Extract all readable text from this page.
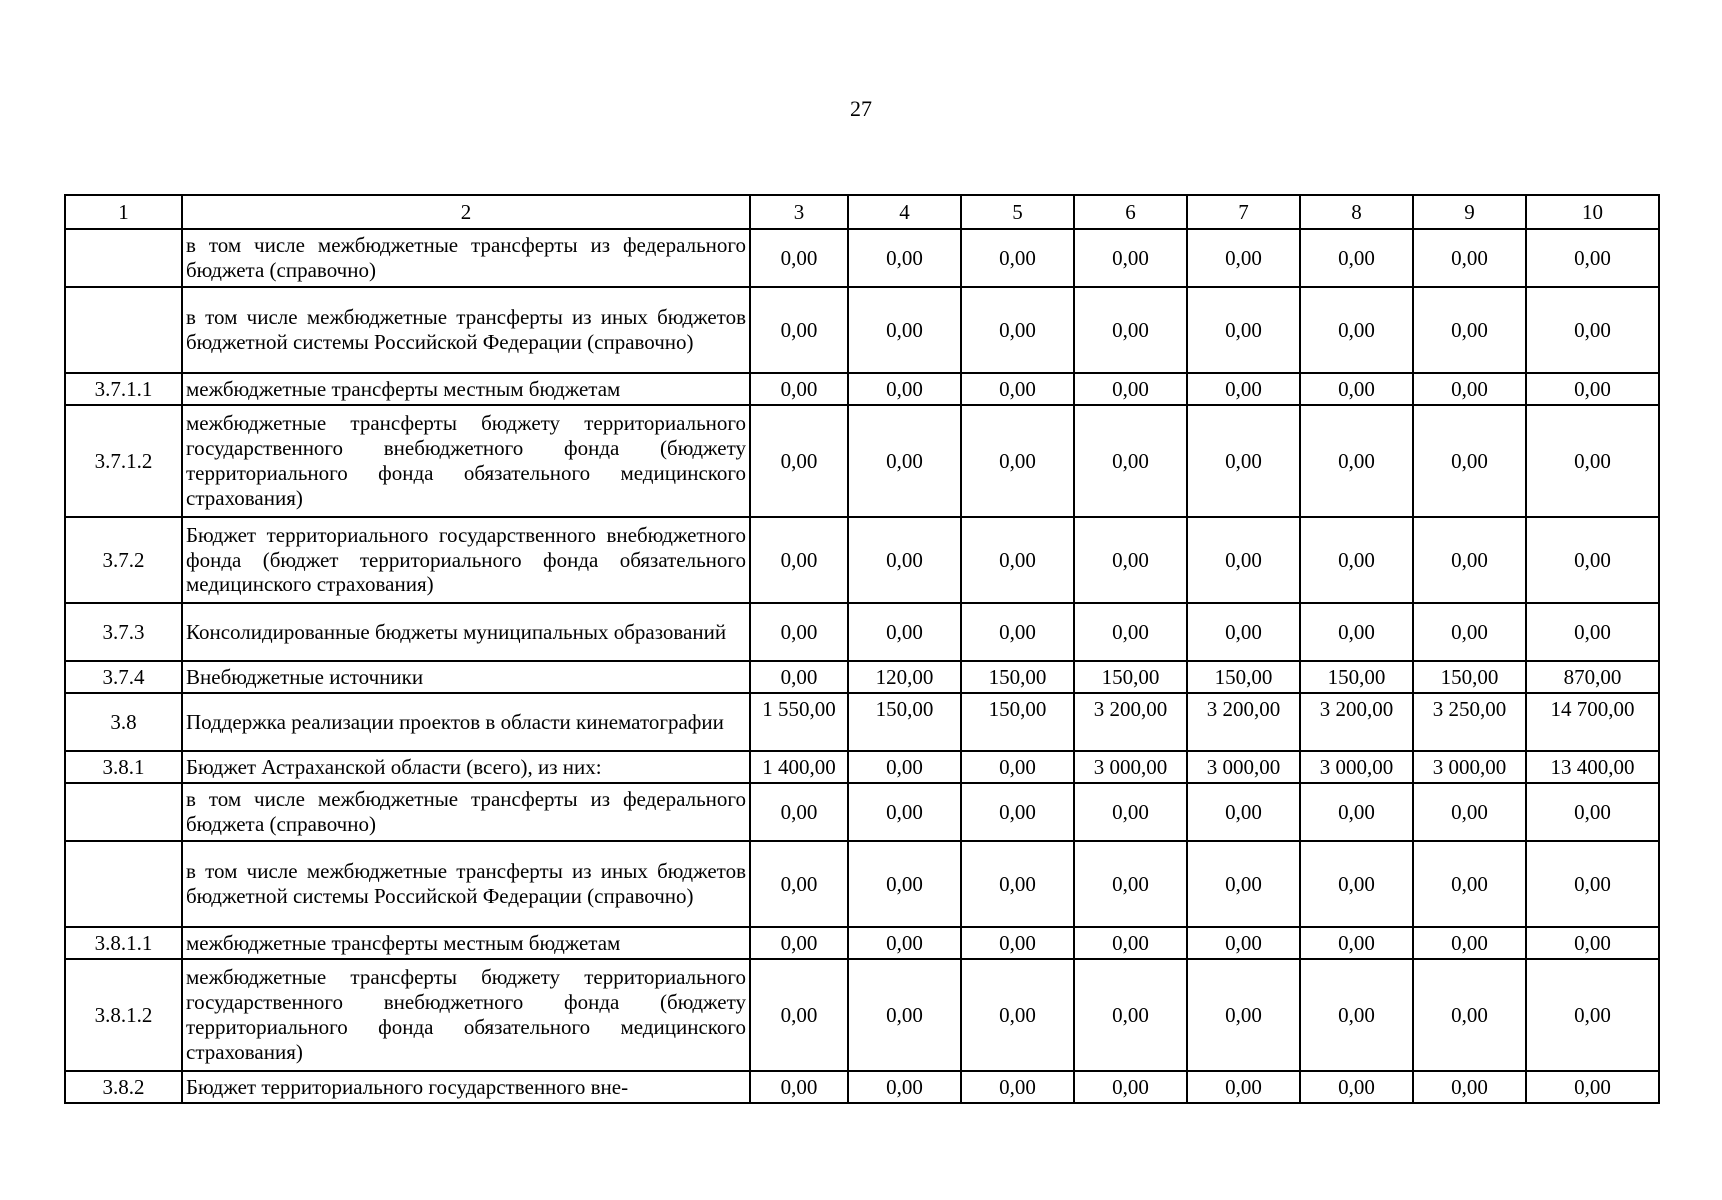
27
1	2	3	4	5	6	7	8	9	10
	в том числе межбюджетные трансферты из федерального бюджета (справочно)	0,00	0,00	0,00	0,00	0,00	0,00	0,00	0,00
	в том числе межбюджетные трансферты из иных бюджетов бюджетной системы Российской Федерации (справочно)	0,00	0,00	0,00	0,00	0,00	0,00	0,00	0,00
3.7.1.1	межбюджетные трансферты местным бюджетам	0,00	0,00	0,00	0,00	0,00	0,00	0,00	0,00
3.7.1.2	межбюджетные трансферты бюджету территориального государственного внебюджетного фонда (бюджету территориального фонда обязательного медицинского страхования)	0,00	0,00	0,00	0,00	0,00	0,00	0,00	0,00
3.7.2	Бюджет территориального государственного внебюджетного фонда (бюджет территориального фонда обязательного медицинского страхования)	0,00	0,00	0,00	0,00	0,00	0,00	0,00	0,00
3.7.3	Консолидированные бюджеты муниципальных образований	0,00	0,00	0,00	0,00	0,00	0,00	0,00	0,00
3.7.4	Внебюджетные источники	0,00	120,00	150,00	150,00	150,00	150,00	150,00	870,00
3.8	Поддержка реализации проектов в области кинематографии	1 550,00	150,00	150,00	3 200,00	3 200,00	3 200,00	3 250,00	14 700,00
3.8.1	Бюджет Астраханской области (всего), из них:	1 400,00	0,00	0,00	3 000,00	3 000,00	3 000,00	3 000,00	13 400,00
	в том числе межбюджетные трансферты из федерального бюджета (справочно)	0,00	0,00	0,00	0,00	0,00	0,00	0,00	0,00
	в том числе межбюджетные трансферты из иных бюджетов бюджетной системы Российской Федерации (справочно)	0,00	0,00	0,00	0,00	0,00	0,00	0,00	0,00
3.8.1.1	межбюджетные трансферты местным бюджетам	0,00	0,00	0,00	0,00	0,00	0,00	0,00	0,00
3.8.1.2	межбюджетные трансферты бюджету территориального государственного внебюджетного фонда (бюджету территориального фонда обязательного медицинского страхования)	0,00	0,00	0,00	0,00	0,00	0,00	0,00	0,00
3.8.2	Бюджет территориального государственного вне-	0,00	0,00	0,00	0,00	0,00	0,00	0,00	0,00
